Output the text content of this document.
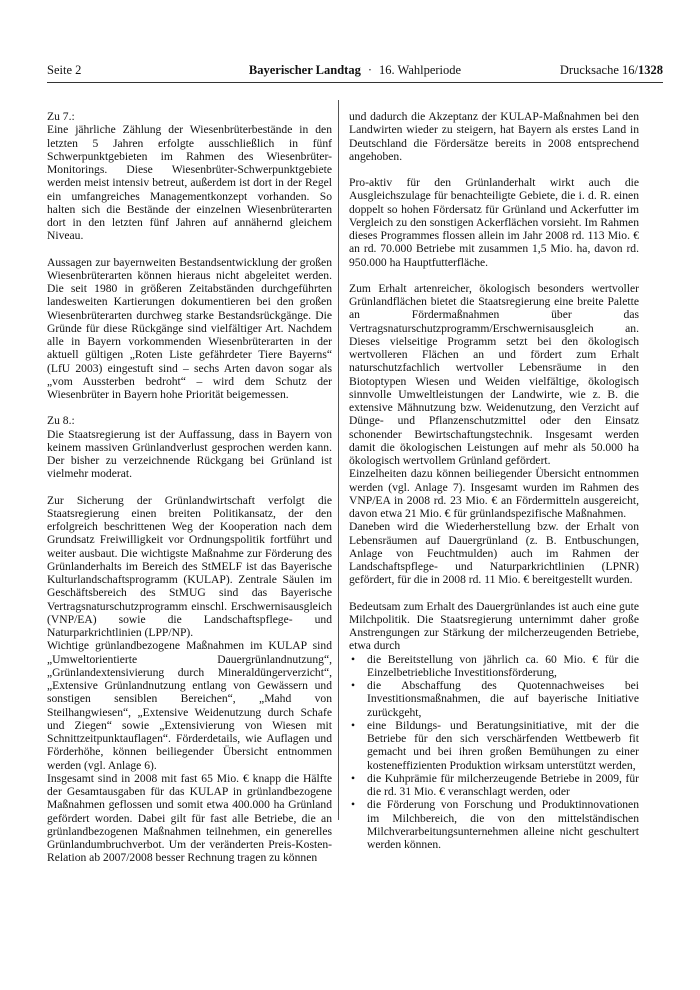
Seite 2	Bayerischer Landtag · 16. Wahlperiode	Drucksache 16/1328

Zu 7.:
Eine jährliche Zählung der Wiesenbrüterbestände in den letzten 5 Jahren erfolgte ausschließlich in fünf Schwerpunktgebieten im Rahmen des Wiesenbrüter-Monitorings. Diese Wiesenbrüter-Schwerpunktgebiete werden meist intensiv betreut, außerdem ist dort in der Regel ein umfangreiches Managementkonzept vorhanden. So halten sich die Bestände der einzelnen Wiesenbrüterarten dort in den letzten fünf Jahren auf annähernd gleichem Niveau.

Aussagen zur bayernweiten Bestandsentwicklung der großen Wiesenbrüterarten können hieraus nicht abgeleitet werden. Die seit 1980 in größeren Zeitabständen durchgeführten landesweiten Kartierungen dokumentieren bei den großen Wiesenbrüterarten durchweg starke Bestandsrückgänge. Die Gründe für diese Rückgänge sind vielfältiger Art. Nachdem alle in Bayern vorkommenden Wiesenbrüterarten in der aktuell gültigen „Roten Liste gefährdeter Tiere Bayerns“ (LfU 2003) eingestuft sind – sechs Arten davon sogar als „vom Aussterben bedroht“ – wird dem Schutz der Wiesenbrüter in Bayern hohe Priorität beigemessen.

Zu 8.:
Die Staatsregierung ist der Auffassung, dass in Bayern von keinem massiven Grünlandverlust gesprochen werden kann. Der bisher zu verzeichnende Rückgang bei Grünland ist vielmehr moderat.

Zur Sicherung der Grünlandwirtschaft verfolgt die Staatsregierung einen breiten Politikansatz, der den erfolgreich beschrittenen Weg der Kooperation nach dem Grundsatz Freiwilligkeit vor Ordnungspolitik fortführt und weiter ausbaut. Die wichtigste Maßnahme zur Förderung des Grünlanderhalts im Bereich des StMELF ist das Bayerische Kulturlandschaftsprogramm (KULAP). Zentrale Säulen im Geschäftsbereich des StMUG sind das Bayerische Vertragsnaturschutzprogramm einschl. Erschwernisausgleich (VNP/EA) sowie die Landschaftspflege- und Naturparkrichtlinien (LPP/NP).
Wichtige grünlandbezogene Maßnahmen im KULAP sind „Umweltorientierte Dauergrünlandnutzung“, „Grünlandextensivierung durch Mineraldüngerverzicht“, „Extensive Grünlandnutzung entlang von Gewässern und sonstigen sensiblen Bereichen“, „Mahd von Steilhangwiesen“, „Extensive Weidenutzung durch Schafe und Ziegen“ sowie „Extensivierung von Wiesen mit Schnittzeitpunktauflagen“. Förderdetails, wie Auflagen und Förderhöhe, können beiliegender Übersicht entnommen werden (vgl. Anlage 6).
Insgesamt sind in 2008 mit fast 65 Mio. € knapp die Hälfte der Gesamtausgaben für das KULAP in grünlandbezogene Maßnahmen geflossen und somit etwa 400.000 ha Grünland gefördert worden. Dabei gilt für fast alle Betriebe, die an grünlandbezogenen Maßnahmen teilnehmen, ein generelles Grünlandumbruchverbot. Um der veränderten Preis-Kosten-Relation ab 2007/2008 besser Rechnung tragen zu können

und dadurch die Akzeptanz der KULAP-Maßnahmen bei den Landwirten wieder zu steigern, hat Bayern als erstes Land in Deutschland die Fördersätze bereits in 2008 entsprechend angehoben.

Pro-aktiv für den Grünlanderhalt wirkt auch die Ausgleichszulage für benachteiligte Gebiete, die i. d. R. einen doppelt so hohen Fördersatz für Grünland und Ackerfutter im Vergleich zu den sonstigen Ackerflächen vorsieht. Im Rahmen dieses Programmes flossen allein im Jahr 2008 rd. 113 Mio. € an rd. 70.000 Betriebe mit zusammen 1,5 Mio. ha, davon rd. 950.000 ha Hauptfutterfläche.

Zum Erhalt artenreicher, ökologisch besonders wertvoller Grünlandflächen bietet die Staatsregierung eine breite Palette an Fördermaßnahmen über das Vertragsnaturschutzprogramm/Erschwernisausgleich an. Dieses vielseitige Programm setzt bei den ökologisch wertvolleren Flächen an und fördert zum Erhalt naturschutzfachlich wertvoller Lebensräume in den Biotoptypen Wiesen und Weiden vielfältige, ökologisch sinnvolle Umweltleistungen der Landwirte, wie z. B. die extensive Mähnutzung bzw. Weidenutzung, den Verzicht auf Dünge- und Pflanzenschutzmittel oder den Einsatz schonender Bewirtschaftungstechnik. Insgesamt werden damit die ökologischen Leistungen auf mehr als 50.000 ha ökologisch wertvollem Grünland gefördert.
Einzelheiten dazu können beiliegender Übersicht entnommen werden (vgl. Anlage 7). Insgesamt wurden im Rahmen des VNP/EA in 2008 rd. 23 Mio. € an Fördermitteln ausgereicht, davon etwa 21 Mio. € für grünlandspezifische Maßnahmen.
Daneben wird die Wiederherstellung bzw. der Erhalt von Lebensräumen auf Dauergrünland (z. B. Entbuschungen, Anlage von Feuchtmulden) auch im Rahmen der Landschaftspflege- und Naturparkrichtlinien (LPNR) gefördert, für die in 2008 rd. 11 Mio. € bereitgestellt wurden.

Bedeutsam zum Erhalt des Dauergrünlandes ist auch eine gute Milchpolitik. Die Staatsregierung unternimmt daher große Anstrengungen zur Stärkung der milcherzeugenden Betriebe, etwa durch

• die Bereitstellung von jährlich ca. 60 Mio. € für die Einzelbetriebliche Investitionsförderung,
• die Abschaffung des Quotennachweises bei Investitionsmaßnahmen, die auf bayerische Initiative zurückgeht,
• eine Bildungs- und Beratungsinitiative, mit der die Betriebe für den sich verschärfenden Wettbewerb fit gemacht und bei ihren großen Bemühungen zu einer kosteneffizienten Produktion wirksam unterstützt werden,
• die Kuhprämie für milcherzeugende Betriebe in 2009, für die rd. 31 Mio. € veranschlagt werden, oder
• die Förderung von Forschung und Produktinnovationen im Milchbereich, die von den mittelständischen Milchverarbeitungsunternehmen alleine nicht geschultert werden können.
